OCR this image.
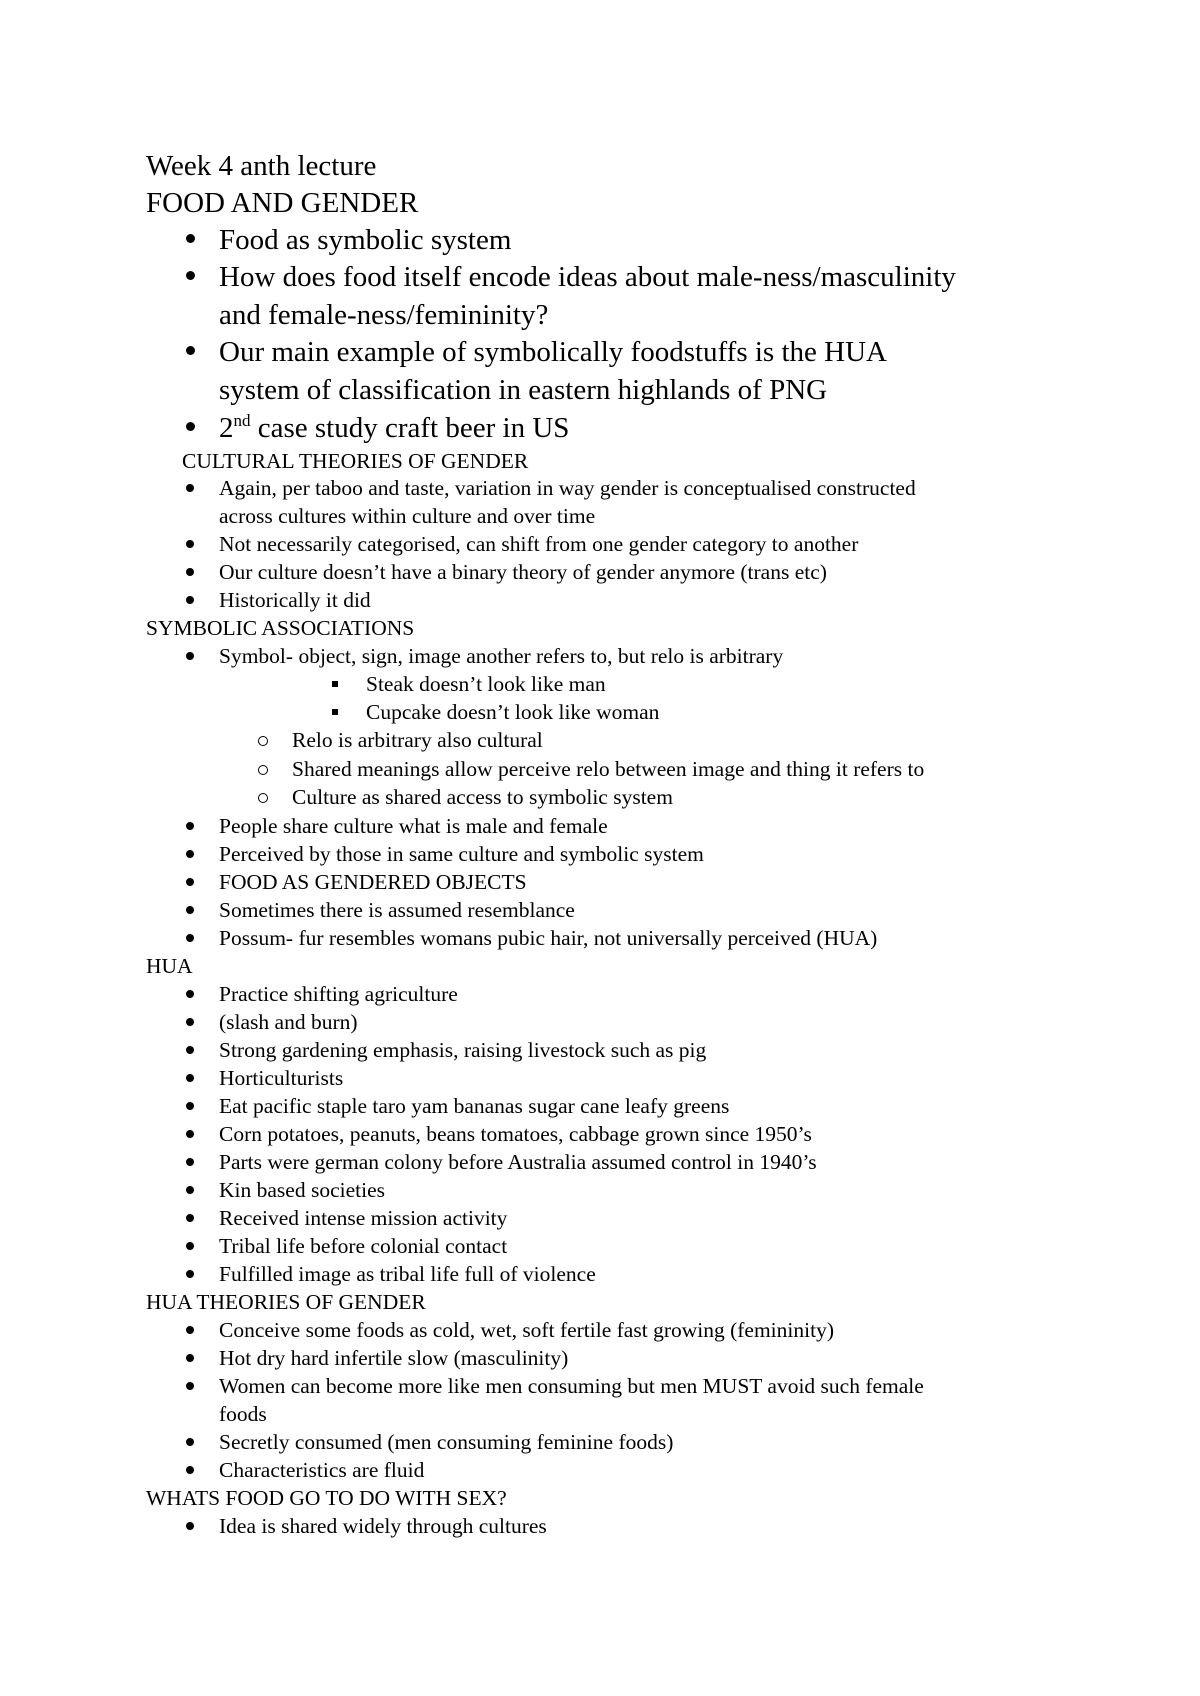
Week 4 anth lecture
FOOD AND GENDER
Food as symbolic system
How does food itself encode ideas about male-ness/masculinity
and female-ness/femininity?
Our main example of symbolically foodstuffs is the HUA
system of classification in eastern highlands of PNG
2nd case study craft beer in US
CULTURAL THEORIES OF GENDER
Again, per taboo and taste, variation in way gender is conceptualised constructed
across cultures within culture and over time
Not necessarily categorised, can shift from one gender category to another
Our culture doesn’t have a binary theory of gender anymore (trans etc)
Historically it did
SYMBOLIC ASSOCIATIONS
Symbol- object, sign, image another refers to, but relo is arbitrary
Steak doesn’t look like man
Cupcake doesn’t look like woman
Relo is arbitrary also cultural
Shared meanings allow perceive relo between image and thing it refers to
Culture as shared access to symbolic system
People share culture what is male and female
Perceived by those in same culture and symbolic system
FOOD AS GENDERED OBJECTS
Sometimes there is assumed resemblance
Possum- fur resembles womans pubic hair, not universally perceived (HUA)
HUA
Practice shifting agriculture
(slash and burn)
Strong gardening emphasis, raising livestock such as pig
Horticulturists
Eat pacific staple taro yam bananas sugar cane leafy greens
Corn potatoes, peanuts, beans tomatoes, cabbage grown since 1950’s
Parts were german colony before Australia assumed control in 1940’s
Kin based societies
Received intense mission activity
Tribal life before colonial contact
Fulfilled image as tribal life full of violence
HUA THEORIES OF GENDER
Conceive some foods as cold, wet, soft fertile fast growing (femininity)
Hot dry hard infertile slow (masculinity)
Women can become more like men consuming but men MUST avoid such female
foods
Secretly consumed (men consuming feminine foods)
Characteristics are fluid
WHATS FOOD GO TO DO WITH SEX?
Idea is shared widely through cultures
